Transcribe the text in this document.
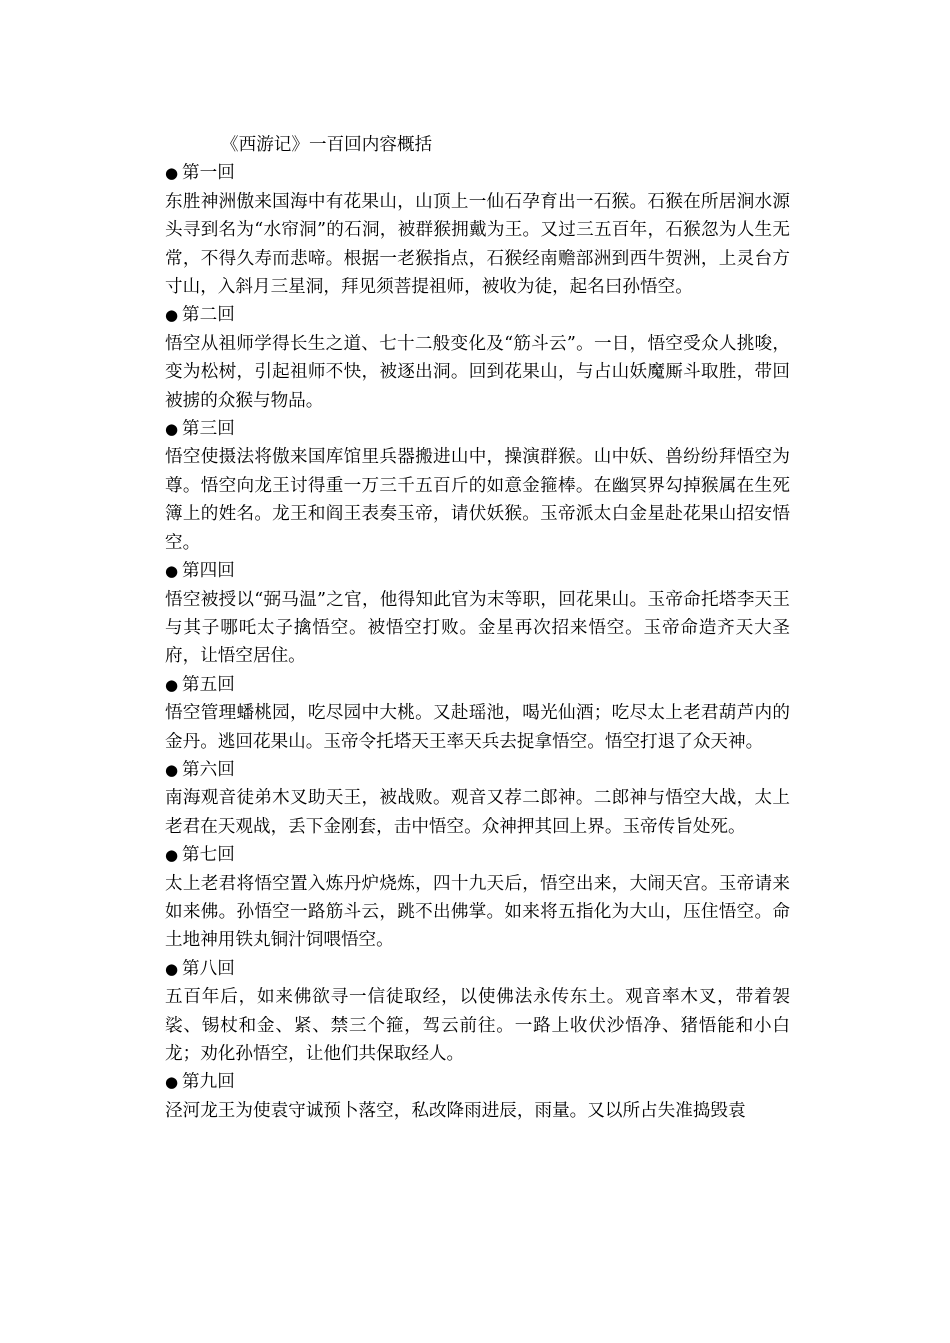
《西游记》一百回内容概括
● 第一回

东胜神洲傲来国海中有花果山，山顶上一仙石孕育出一石猴。石猴在所居涧水源头寻到名为“水帘洞”的石洞，被群猴拥戴为王。又过三五百年，石猴忽为人生无常，不得久寿而悲啼。根据一老猴指点，石猴经南赡部洲到西牛贺洲，上灵台方寸山，入斜月三星洞，拜见须菩提祖师，被收为徒，起名曰孙悟空。

● 第二回

悟空从祖师学得长生之道、七十二般变化及“筋斗云”。一日，悟空受众人挑唆，变为松树，引起祖师不快，被逐出洞。回到花果山，与占山妖魔厮斗取胜，带回被掳的众猴与物品。

● 第三回

悟空使摄法将傲来国库馆里兵器搬进山中，操演群猴。山中妖、兽纷纷拜悟空为尊。悟空向龙王讨得重一万三千五百斤的如意金箍棒。在幽冥界勾掉猴属在生死簿上的姓名。龙王和阎王表奏玉帝，请伏妖猴。玉帝派太白金星赴花果山招安悟空。

● 第四回

悟空被授以“弼马温”之官，他得知此官为末等职，回花果山。玉帝命托塔李天王与其子哪吒太子擒悟空。被悟空打败。金星再次招来悟空。玉帝命造齐天大圣府，让悟空居住。

● 第五回

悟空管理蟠桃园，吃尽园中大桃。又赴瑶池，喝光仙酒；吃尽太上老君葫芦内的金丹。逃回花果山。玉帝令托塔天王率天兵去捉拿悟空。悟空打退了众天神。

● 第六回

南海观音徒弟木叉助天王，被战败。观音又荐二郎神。二郎神与悟空大战，太上老君在天观战，丢下金刚套，击中悟空。众神押其回上界。玉帝传旨处死。

● 第七回

太上老君将悟空置入炼丹炉烧炼，四十九天后，悟空出来，大闹天宫。玉帝请来如来佛。孙悟空一路筋斗云，跳不出佛掌。如来将五指化为大山，压住悟空。命土地神用铁丸铜汁饲喂悟空。

● 第八回

五百年后，如来佛欲寻一信徒取经，以使佛法永传东土。观音率木叉，带着袈裟、锡杖和金、紧、禁三个箍，驾云前往。一路上收伏沙悟净、猪悟能和小白龙；劝化孙悟空，让他们共保取经人。

● 第九回

泾河龙王为使袁守诚预卜落空，私改降雨进辰，雨量。又以所占失准捣毁袁
